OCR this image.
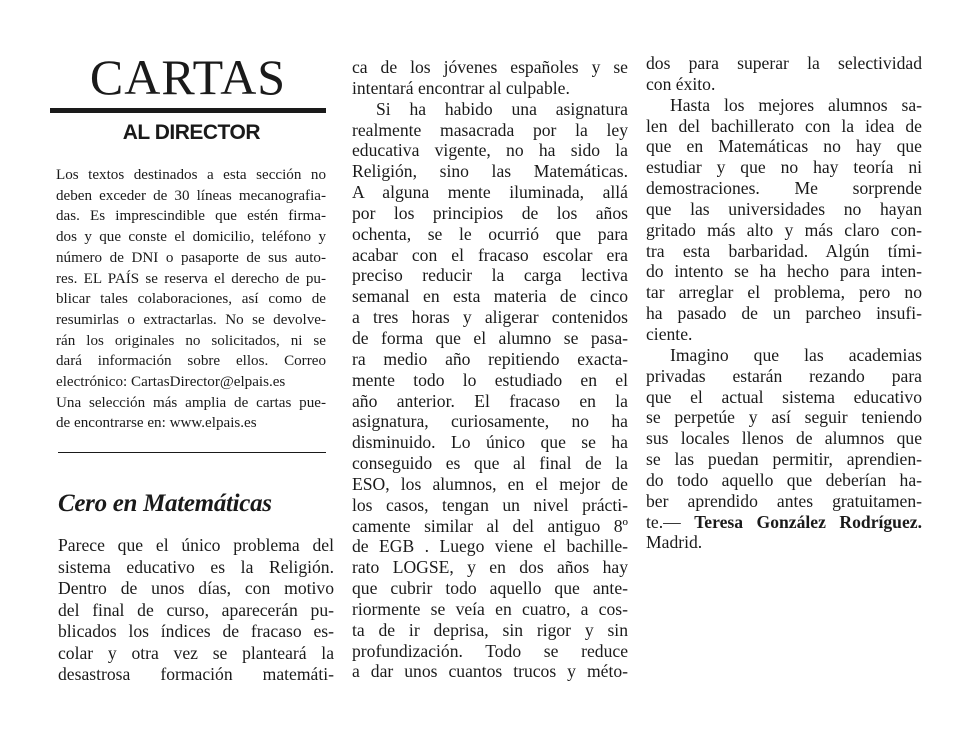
CARTAS
AL DIRECTOR
Los textos destinados a esta sección no
deben exceder de 30 líneas mecanografia-
das. Es imprescindible que estén firma-
dos y que conste el domicilio, teléfono y
número de DNI o pasaporte de sus auto-
res. EL PAÍS se reserva el derecho de pu-
blicar tales colaboraciones, así como de
resumirlas o extractarlas. No se devolve-
rán los originales no solicitados, ni se
dará información sobre ellos. Correo
electrónico: CartasDirector@elpais.es
Una selección más amplia de cartas pue-
de encontrarse en: www.elpais.es
Cero en Matemáticas
Parece que el único problema del
sistema educativo es la Religión.
Dentro de unos días, con motivo
del final de curso, aparecerán pu-
blicados los índices de fracaso es-
colar y otra vez se planteará la
desastrosa formación matemáti-
ca de los jóvenes españoles y se
intentará encontrar al culpable.
Si ha habido una asignatura
realmente masacrada por la ley
educativa vigente, no ha sido la
Religión, sino las Matemáticas.
A alguna mente iluminada, allá
por los principios de los años
ochenta, se le ocurrió que para
acabar con el fracaso escolar era
preciso reducir la carga lectiva
semanal en esta materia de cinco
a tres horas y aligerar contenidos
de forma que el alumno se pasa-
ra medio año repitiendo exacta-
mente todo lo estudiado en el
año anterior. El fracaso en la
asignatura, curiosamente, no ha
disminuido. Lo único que se ha
conseguido es que al final de la
ESO, los alumnos, en el mejor de
los casos, tengan un nivel prácti-
camente similar al del antiguo 8º
de EGB . Luego viene el bachille-
rato LOGSE, y en dos años hay
que cubrir todo aquello que ante-
riormente se veía en cuatro, a cos-
ta de ir deprisa, sin rigor y sin
profundización. Todo se reduce
a dar unos cuantos trucos y méto-
dos para superar la selectividad
con éxito.
Hasta los mejores alumnos sa-
len del bachillerato con la idea de
que en Matemáticas no hay que
estudiar y que no hay teoría ni
demostraciones. Me sorprende
que las universidades no hayan
gritado más alto y más claro con-
tra esta barbaridad. Algún tími-
do intento se ha hecho para inten-
tar arreglar el problema, pero no
ha pasado de un parcheo insufi-
ciente.
Imagino que las academias
privadas estarán rezando para
que el actual sistema educativo
se perpetúe y así seguir teniendo
sus locales llenos de alumnos que
se las puedan permitir, aprendien-
do todo aquello que deberían ha-
ber aprendido antes gratuitamen-
te.— Teresa González Rodríguez.
Madrid.
